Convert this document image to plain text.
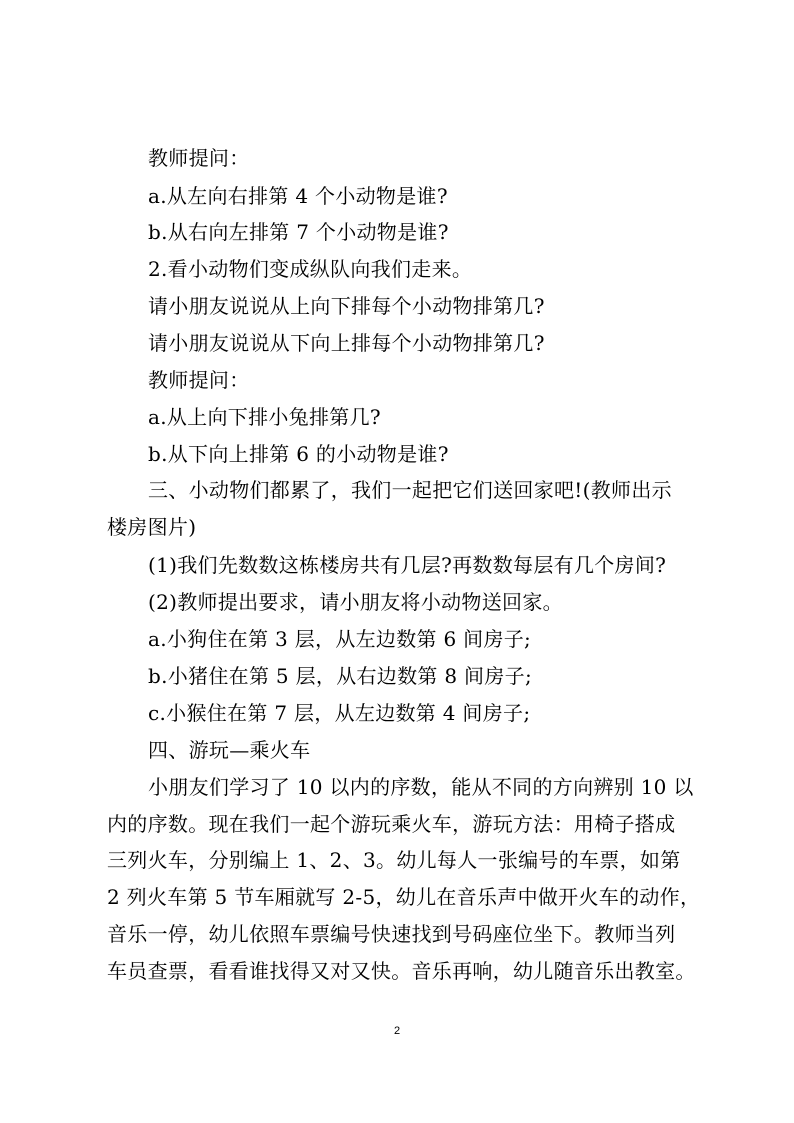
教师提问：
a.从左向右排第 4 个小动物是谁?
b.从右向左排第 7 个小动物是谁?
2.看小动物们变成纵队向我们走来。
请小朋友说说从上向下排每个小动物排第几?
请小朋友说说从下向上排每个小动物排第几?
教师提问：
a.从上向下排小兔排第几?
b.从下向上排第 6 的小动物是谁?
三、小动物们都累了，我们一起把它们送回家吧!(教师出示
楼房图片)
(1)我们先数数这栋楼房共有几层?再数数每层有几个房间?
(2)教师提出要求，请小朋友将小动物送回家。
a.小狗住在第 3 层，从左边数第 6 间房子;
b.小猪住在第 5 层，从右边数第 8 间房子;
c.小猴住在第 7 层，从左边数第 4 间房子;
四、游玩—乘火车
小朋友们学习了 10 以内的序数，能从不同的方向辨别 10 以
内的序数。现在我们一起个游玩乘火车，游玩方法：用椅子搭成
三列火车，分别编上 1、2、3。幼儿每人一张编号的车票，如第
2 列火车第 5 节车厢就写 2-5，幼儿在音乐声中做开火车的动作，
音乐一停，幼儿依照车票编号快速找到号码座位坐下。教师当列
车员查票，看看谁找得又对又快。音乐再响，幼儿随音乐出教室。
2
